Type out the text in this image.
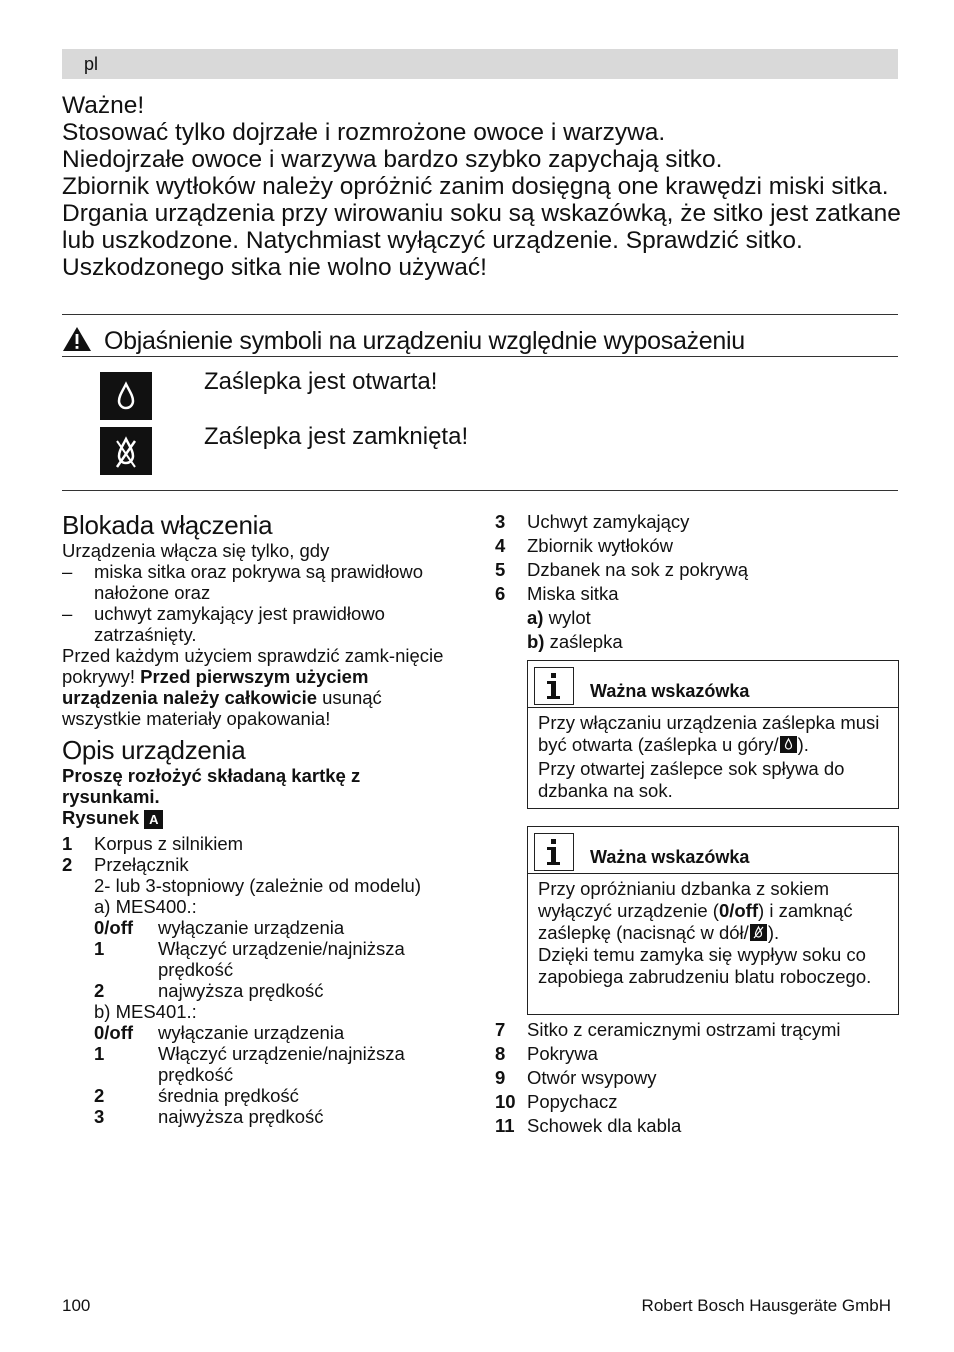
pl

Ważne!

Stosować tylko dojrzałe i rozmrożone owoce i warzywa.

Niedojrzałe owoce i warzywa bardzo szybko zapychają sitko.

Zbiornik wytłoków należy opróżnić zanim dosięgną one krawędzi miski sitka.

Drgania urządzenia przy wirowaniu soku są wskazówką, że sitko jest zatkane lub uszkodzone. Natychmiast wyłączyć urządzenie. Sprawdzić sitko. Uszkodzonego sitka nie wolno używać!

Objaśnienie symboli na urządzeniu względnie wyposażeniu
Zaślepka jest otwarta!
Zaślepka jest zamknięta!
Blokada włączenia
Urządzenia włącza się tylko, gdy
–	miska sitka oraz pokrywa są prawidłowo nałożone oraz
–	uchwyt zamykający jest prawidłowo zatrzaśnięty.
Przed każdym użyciem sprawdzić zamk-nięcie pokrywy! Przed pierwszym użyciem urządzenia należy całkowicie usunąć wszystkie materiały opakowania!
Opis urządzenia
Proszę rozłożyć składaną kartkę z rysunkami.
Rysunek A
1	Korpus z silnikiem
2	Przełącznik
2- lub 3-stopniowy (zależnie od modelu)
a) MES400.:
0/off	wyłączanie urządzenia
1	Włączyć urządzenie/najniższa prędkość
2	najwyższa prędkość
b) MES401.:
0/off	wyłączanie urządzenia
1	Włączyć urządzenie/najniższa prędkość
2	średnia prędkość
3	najwyższa prędkość
3	Uchwyt zamykający
4	Zbiornik wytłoków
5	Dzbanek na sok z pokrywą
6	Miska sitka
a) wylot
b) zaślepka
Ważna wskazówka
Przy włączaniu urządzenia zaślepka musi być otwarta (zaślepka u góry/ ).
Przy otwartej zaślepce sok spływa do dzbanka na sok.
Ważna wskazówka
Przy opróżnianiu dzbanka z sokiem wyłączyć urządzenie (0/off) i zamknąć zaślepkę (nacisnąć w dół/ ).
Dzięki temu zamyka się wypływ soku co zapobiega zabrudzeniu blatu roboczego.
7	Sitko z ceramicznymi ostrzami trącymi
8	Pokrywa
9	Otwór wsypowy
10 Popychacz
11 Schowek dla kabla
100	Robert Bosch Hausgeräte GmbH
